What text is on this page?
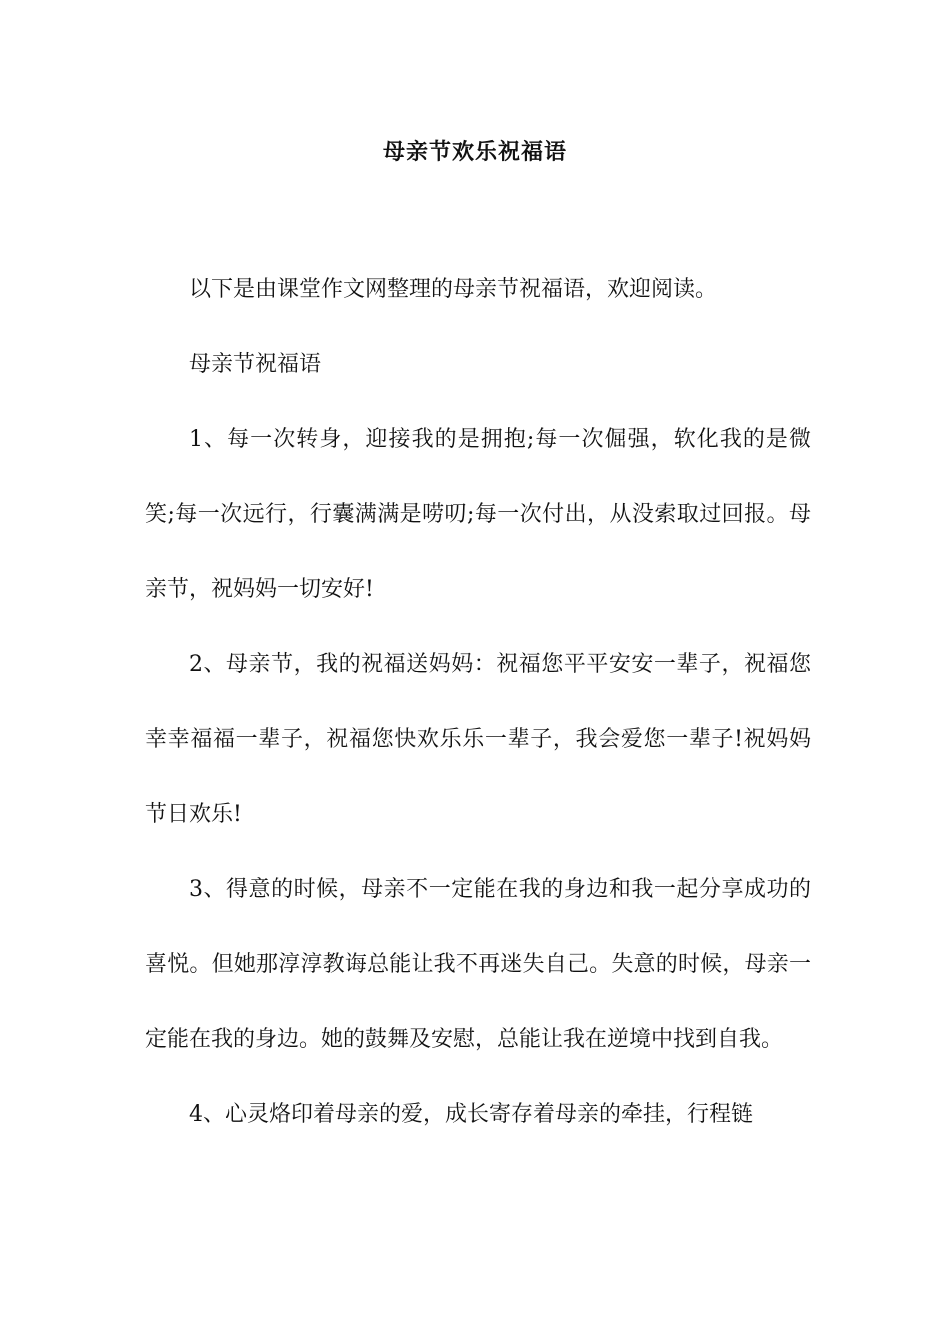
母亲节欢乐祝福语

以下是由课堂作文网整理的母亲节祝福语，欢迎阅读。

母亲节祝福语

1、每一次转身，迎接我的是拥抱;每一次倔强，软化我的是微笑;每一次远行，行囊满满是唠叨;每一次付出，从没索取过回报。母亲节，祝妈妈一切安好!

2、母亲节，我的祝福送妈妈：祝福您平平安安一辈子，祝福您幸幸福福一辈子，祝福您快欢乐乐一辈子，我会爱您一辈子!祝妈妈节日欢乐!

3、得意的时候，母亲不一定能在我的身边和我一起分享成功的喜悦。但她那淳淳教诲总能让我不再迷失自己。失意的时候，母亲一定能在我的身边。她的鼓舞及安慰，总能让我在逆境中找到自我。

4、心灵烙印着母亲的爱，成长寄存着母亲的牵挂，行程链
